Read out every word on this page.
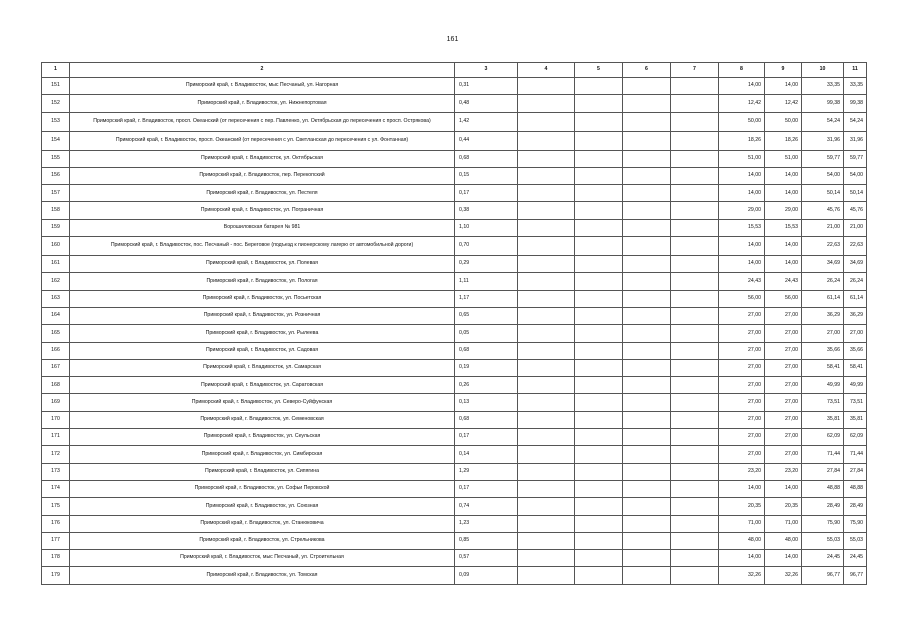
161
1	2	3	4	5	6	7	8	9	10	11
151	Приморский край, г. Владивосток, мыс Песчаный, ул. Нагорная	0,31					14,00	14,00	33,35	33,35
152	Приморский край, г. Владивосток, ул. Нижнепортовая	0,48					12,42	12,42	99,38	99,38
153	Приморский край, г. Владивосток, просп. Океанский (от пересечения с пер. Павленко, ул. Октябрьская до пересечения с просп. Острякова)	1,42					50,00	50,00	54,24	54,24
154	Приморский край, г. Владивосток, просп. Океанский (от пересечения с ул. Светланская до пересечения с ул. Фонтанная)	0,44					18,26	18,26	31,96	31,96
155	Приморский край, г. Владивосток, ул. Октябрьская	0,68					51,00	51,00	59,77	59,77
156	Приморский край, г. Владивосток, пер. Перекопский	0,15					14,00	14,00	54,00	54,00
157	Приморский край, г. Владивосток, ул. Пестеля	0,17					14,00	14,00	50,14	50,14
158	Приморский край, г. Владивосток, ул. Пограничная	0,38					29,00	29,00	45,76	45,76
159	Ворошиловская батарея № 981	1,10					15,53	15,53	21,00	21,00
160	Приморский край, г. Владивосток, пос. Песчаный - пос. Береговое (подъезд к пионерскому лагерю от автомобильной дороги)	0,70					14,00	14,00	22,63	22,63
161	Приморский край, г. Владивосток, ул. Полевая	0,29					14,00	14,00	34,69	34,69
162	Приморский край, г. Владивосток, ул. Пологая	1,11					24,43	24,43	26,24	26,24
163	Приморский край, г. Владивосток, ул. Посьетская	1,17					56,00	56,00	61,14	61,14
164	Приморский край, г. Владивосток, ул. Розничная	0,65					27,00	27,00	36,29	36,29
165	Приморский край, г. Владивосток, ул. Рылеева	0,05					27,00	27,00	27,00	27,00
166	Приморский край, г. Владивосток, ул. Садовая	0,68					27,00	27,00	35,66	35,66
167	Приморский край, г. Владивосток, ул. Самарская	0,19					27,00	27,00	58,41	58,41
168	Приморский край, г. Владивосток, ул. Саратовская	0,26					27,00	27,00	49,99	49,99
169	Приморский край, г. Владивосток, ул. Северо-Суйфунская	0,13					27,00	27,00	73,51	73,51
170	Приморский край, г. Владивосток, ул. Семеновская	0,68					27,00	27,00	35,81	35,81
171	Приморский край, г. Владивосток, ул. Сеульская	0,17					27,00	27,00	62,09	62,09
172	Приморский край, г. Владивосток, ул. Симбирская	0,14					27,00	27,00	71,44	71,44
173	Приморский край, г. Владивосток, ул. Сипягина	1,29					23,20	23,20	27,84	27,84
174	Приморский край, г. Владивосток, ул. Софьи Перовской	0,17					14,00	14,00	48,88	48,88
175	Приморский край, г. Владивосток, ул. Союзная	0,74					20,35	20,35	28,49	28,49
176	Приморский край, г. Владивосток, ул. Станюковича	1,23					71,00	71,00	75,90	75,90
177	Приморский край, г. Владивосток, ул. Стрельникова	0,85					48,00	48,00	55,03	55,03
178	Приморский край, г. Владивосток, мыс Песчаный, ул. Строительная	0,57					14,00	14,00	24,45	24,45
179	Приморский край, г. Владивосток, ул. Томская	0,09					32,26	32,26	96,77	96,77
